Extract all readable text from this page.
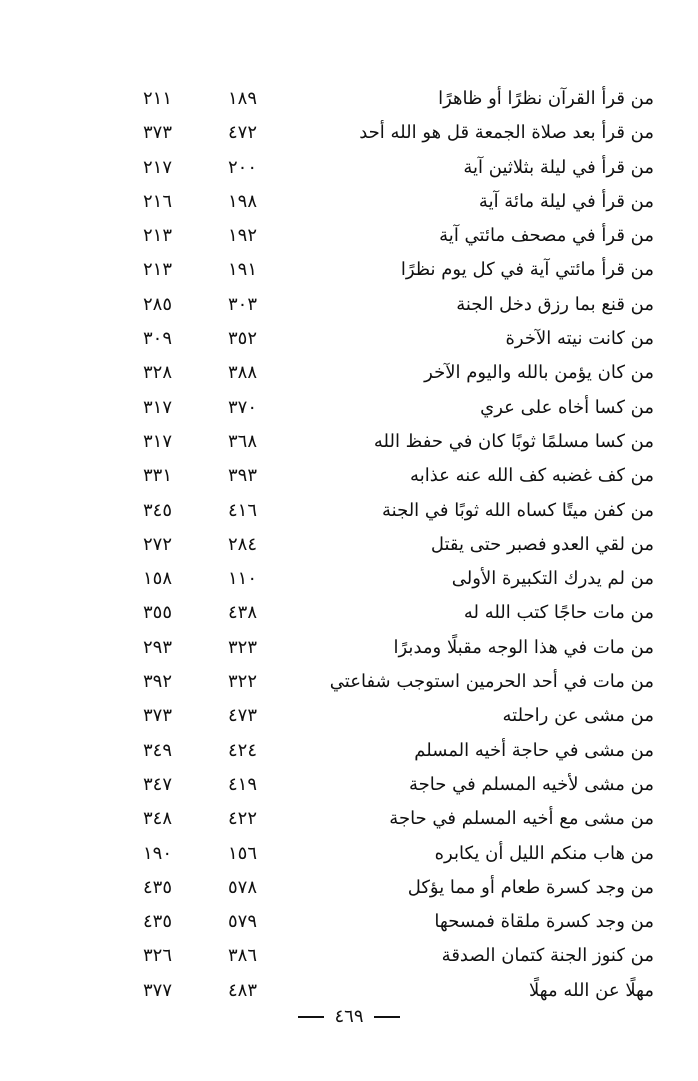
من قرأ القرآن نظرًا أو ظاهرًا
١٨٩
٢١١
من قرأ بعد صلاة الجمعة قل هو الله أحد
٤٧٢
٣٧٣
من قرأ في ليلة بثلاثين آية
٢٠٠
٢١٧
من قرأ في ليلة مائة آية
١٩٨
٢١٦
من قرأ في مصحف مائتي آية
١٩٢
٢١٣
من قرأ مائتي آية في كل يوم نظرًا
١٩١
٢١٣
من قنع بما رزق دخل الجنة
٣٠٣
٢٨٥
من كانت نيته الآخرة
٣٥٢
٣٠٩
من كان يؤمن بالله واليوم الآخر
٣٨٨
٣٢٨
من كسا أخاه على عري
٣٧٠
٣١٧
من كسا مسلمًا ثوبًا كان في حفظ الله
٣٦٨
٣١٧
من كف غضبه كف الله عنه عذابه
٣٩٣
٣٣١
من كفن ميتًا كساه الله ثوبًا في الجنة
٤١٦
٣٤٥
من لقي العدو فصبر حتى يقتل
٢٨٤
٢٧٢
من لم يدرك التكبيرة الأولى
١١٠
١٥٨
من مات حاجًا كتب الله له
٤٣٨
٣٥٥
من مات في هذا الوجه مقبلًا ومدبرًا
٣٢٣
٢٩٣
من مات في أحد الحرمين استوجب شفاعتي
٣٢٢
٣٩٢
من مشى عن راحلته
٤٧٣
٣٧٣
من مشى في حاجة أخيه المسلم
٤٢٤
٣٤٩
من مشى لأخيه المسلم في حاجة
٤١٩
٣٤٧
من مشى مع أخيه المسلم في حاجة
٤٢٢
٣٤٨
من هاب منكم الليل أن يكابره
١٥٦
١٩٠
من وجد كسرة طعام أو مما يؤكل
٥٧٨
٤٣٥
من وجد كسرة ملقاة فمسحها
٥٧٩
٤٣٥
من كنوز الجنة كتمان الصدقة
٣٨٦
٣٢٦
مهلًا عن الله مهلًا
٤٨٣
٣٧٧
٤٦٩
